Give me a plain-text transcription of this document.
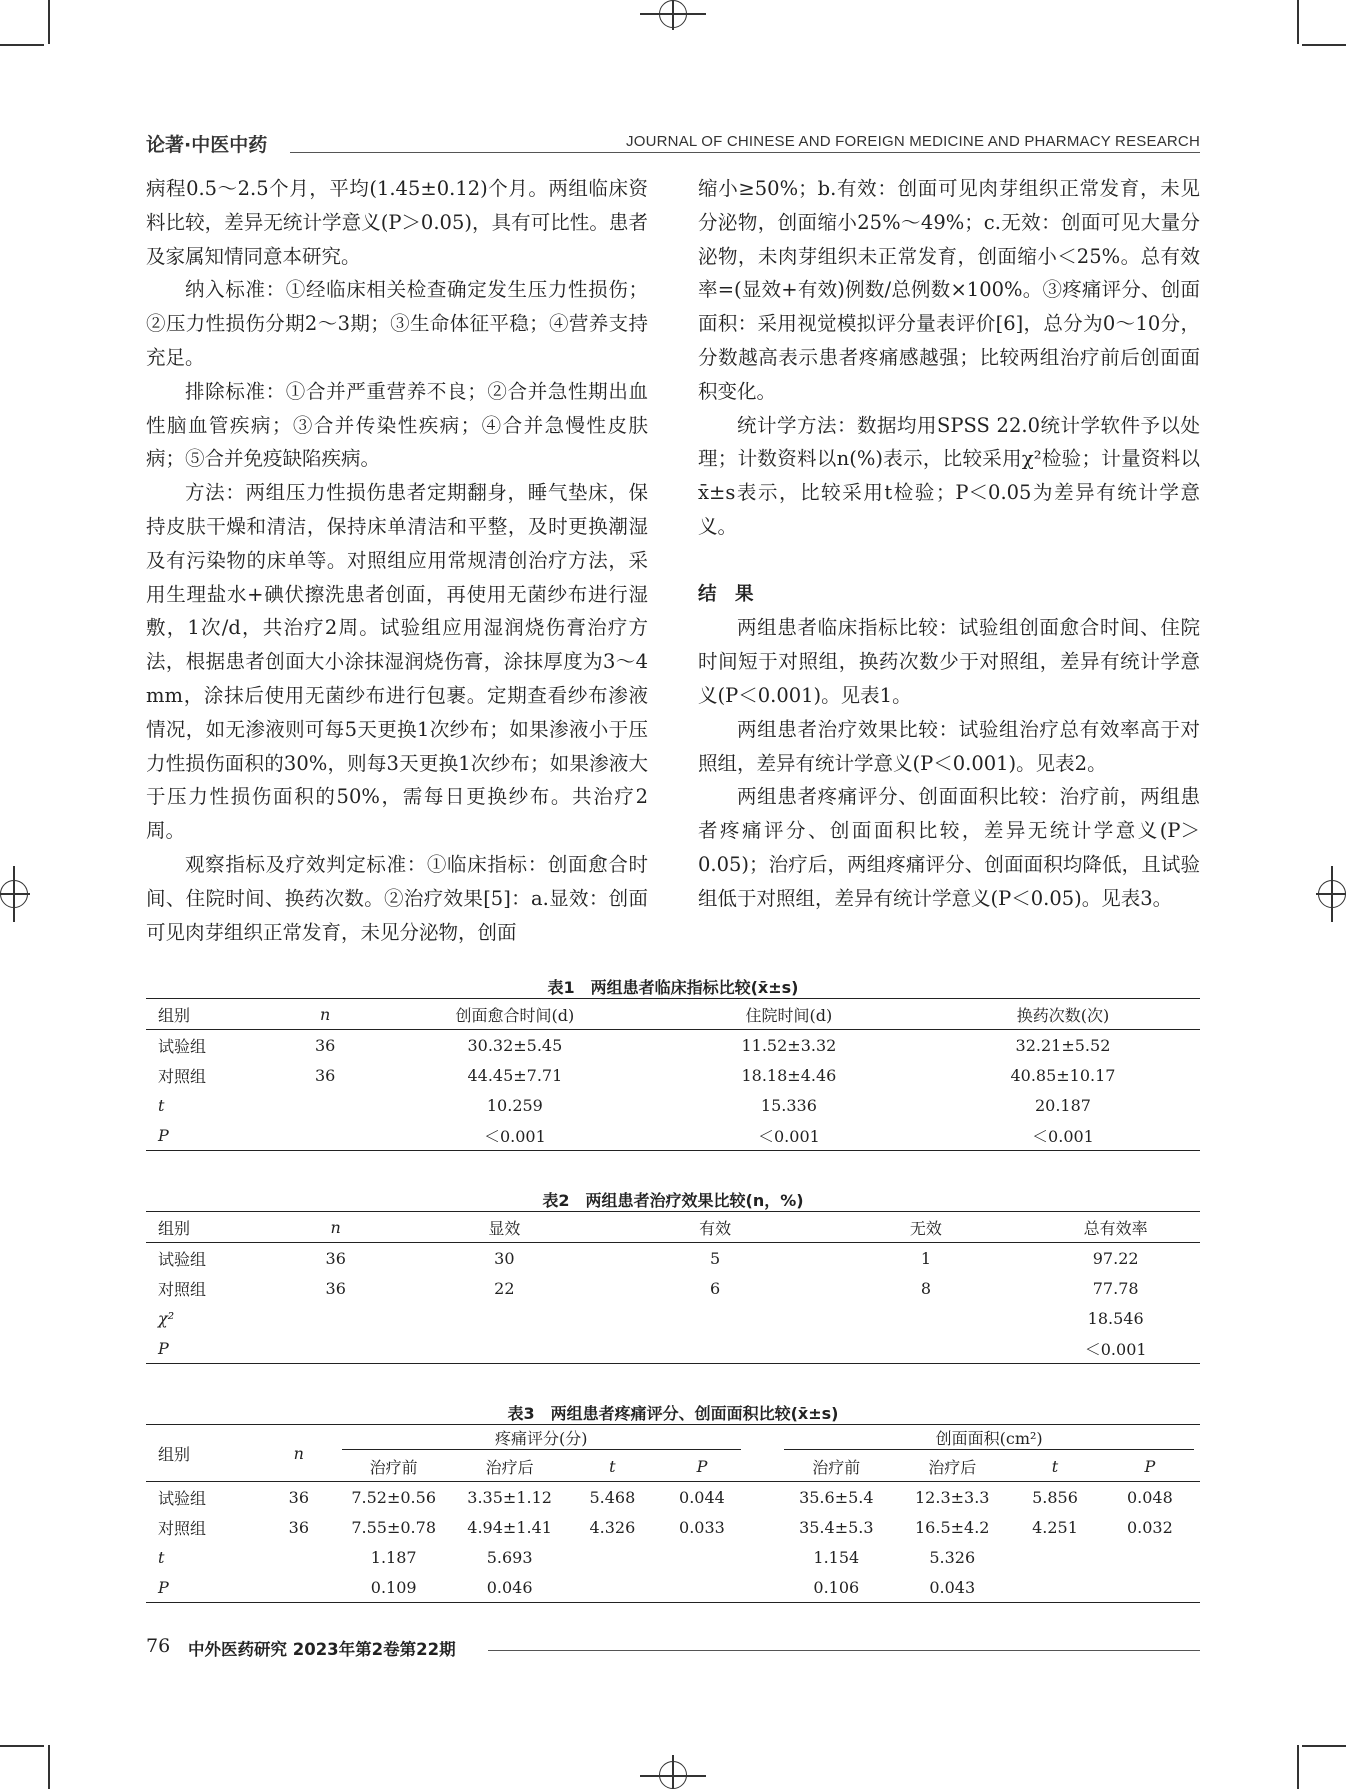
论著·中医中药	JOURNAL OF CHINESE AND FOREIGN MEDICINE AND PHARMACY RESEARCH

病程0.5～2.5个月，平均(1.45±0.12)个月。两组临床资料比较，差异无统计学意义(P＞0.05)，具有可比性。患者及家属知情同意本研究。

纳入标准：①经临床相关检查确定发生压力性损伤；②压力性损伤分期2～3期；③生命体征平稳；④营养支持充足。

排除标准：①合并严重营养不良；②合并急性期出血性脑血管疾病；③合并传染性疾病；④合并急慢性皮肤病；⑤合并免疫缺陷疾病。

方法：两组压力性损伤患者定期翻身，睡气垫床，保持皮肤干燥和清洁，保持床单清洁和平整，及时更换潮湿及有污染物的床单等。对照组应用常规清创治疗方法，采用生理盐水+碘伏擦洗患者创面，再使用无菌纱布进行湿敷，1次/d，共治疗2周。试验组应用湿润烧伤膏治疗方法，根据患者创面大小涂抹湿润烧伤膏，涂抹厚度为3～4 mm，涂抹后使用无菌纱布进行包裹。定期查看纱布渗液情况，如无渗液则可每5天更换1次纱布；如果渗液小于压力性损伤面积的30%，则每3天更换1次纱布；如果渗液大于压力性损伤面积的50%，需每日更换纱布。共治疗2周。

观察指标及疗效判定标准：①临床指标：创面愈合时间、住院时间、换药次数。②治疗效果[5]：a.显效：创面可见肉芽组织正常发育，未见分泌物，创面

缩小≥50%；b.有效：创面可见肉芽组织正常发育，未见分泌物，创面缩小25%～49%；c.无效：创面可见大量分泌物，未肉芽组织未正常发育，创面缩小＜25%。总有效率=(显效+有效)例数/总例数×100%。③疼痛评分、创面面积：采用视觉模拟评分量表评价[6]，总分为0～10分，分数越高表示患者疼痛感越强；比较两组治疗前后创面面积变化。

统计学方法：数据均用SPSS 22.0统计学软件予以处理；计数资料以n(%)表示，比较采用χ²检验；计量资料以x̄±s表示，比较采用t检验；P＜0.05为差异有统计学意义。

结　果

两组患者临床指标比较：试验组创面愈合时间、住院时间短于对照组，换药次数少于对照组，差异有统计学意义(P＜0.001)。见表1。

两组患者治疗效果比较：试验组治疗总有效率高于对照组，差异有统计学意义(P＜0.001)。见表2。

两组患者疼痛评分、创面面积比较：治疗前，两组患者疼痛评分、创面面积比较，差异无统计学意义(P＞0.05)；治疗后，两组疼痛评分、创面面积均降低，且试验组低于对照组，差异有统计学意义(P＜0.05)。见表3。

表1　两组患者临床指标比较(x̄±s)
组别	n	创面愈合时间(d)	住院时间(d)	换药次数(次)
试验组	36	30.32±5.45	11.52±3.32	32.21±5.52
对照组	36	44.45±7.71	18.18±4.46	40.85±10.17
t		10.259	15.336	20.187
P		＜0.001	＜0.001	＜0.001
表2　两组患者治疗效果比较(n，%)
组别	n	显效	有效	无效	总有效率
试验组	36	30	5	1	97.22
对照组	36	22	6	8	77.78
χ²					18.546
P					＜0.001
表3　两组患者疼痛评分、创面面积比较(x̄±s)
组别	n	疼痛评分(分)					创面面积(cm²)			

		治疗前	治疗后	t	P		治疗前	治疗后	t	P
试验组	36	7.52±0.56	3.35±1.12	5.468	0.044		35.6±5.4	12.3±3.3	5.856	0.048
对照组	36	7.55±0.78	4.94±1.41	4.326	0.033		35.4±5.3	16.5±4.2	4.251	0.032
t		1.187	5.693				1.154	5.326		
P		0.109	0.046				0.106	0.043		
76 中外医药研究 2023年第2卷第22期
